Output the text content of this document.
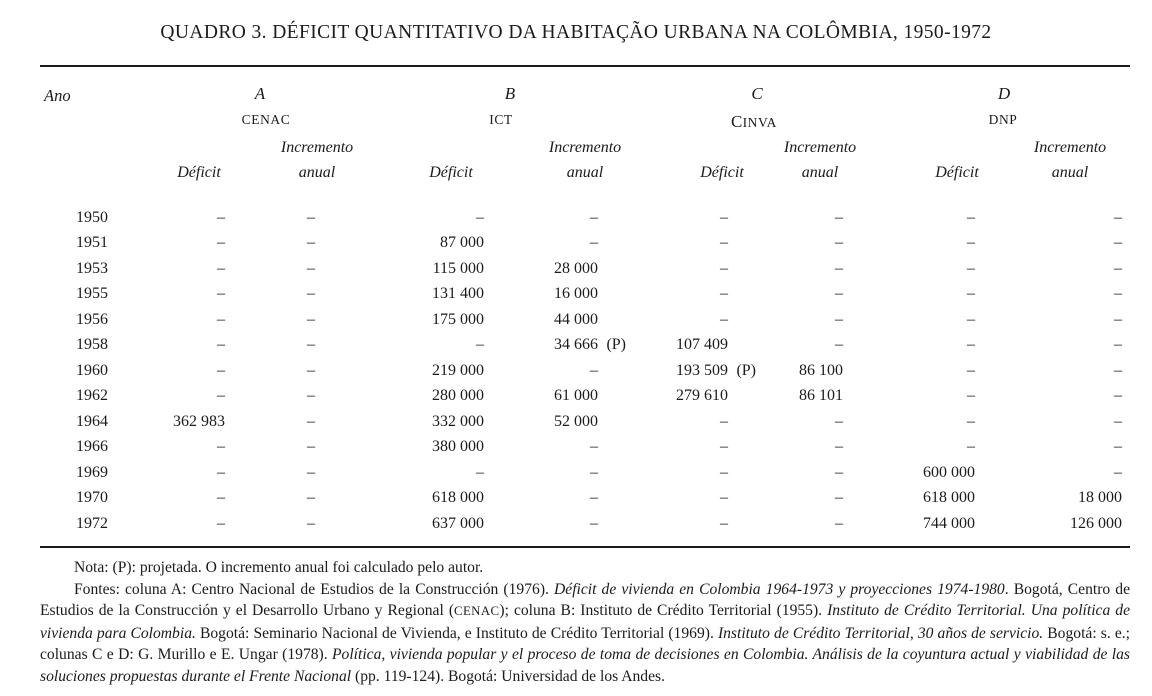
QUADRO 3. DÉFICIT QUANTITATIVO DA HABITAÇÃO URBANA NA COLÔMBIA, 1950-1972
Ano	A	B	C	D
CENAC	ICT	CINVA	DNP
Incremento	Incremento	Incremento	Incremento
Déficit	anual	Déficit	anual	Déficit	anual	Déficit	anual
1950	–	–	–	–	–	–	–	–
1951	–	–	87 000	–	–	–	–	–
1953	–	–	115 000	28 000	–	–	–	–
1955	–	–	131 400	16 000	–	–	–	–
1956	–	–	175 000	44 000	–	–	–	–
1958	–	–	–	34 666 (P)	107 409	–	–	–
1960	–	–	219 000	–	193 509 (P)	86 100	–	–
1962	–	–	280 000	61 000	279 610	86 101	–	–
1964	362 983	–	332 000	52 000	–	–	–	–
1966	–	–	380 000	–	–	–	–	–
1969	–	–	–	–	–	–	600 000	–
1970	–	–	618 000	–	–	–	618 000	18 000
1972	–	–	637 000	–	–	–	744 000	126 000

Nota: (P): projetada. O incremento anual foi calculado pelo autor.

Fontes: coluna A: Centro Nacional de Estudios de la Construcción (1976). Déficit de vivienda en Colombia 1964-1973 y proyecciones 1974-1980. Bogotá, Centro de Estudios de la Construcción y el Desarrollo Urbano y Regional (CENAC); coluna B: Instituto de Crédito Territorial (1955). Instituto de Crédito Territorial. Una política de vivienda para Colombia. Bogotá: Seminario Nacional de Vivienda, e Instituto de Crédito Territorial (1969). Instituto de Crédito Territorial, 30 años de servicio. Bogotá: s. e.; colunas C e D: G. Murillo e E. Ungar (1978). Política, vivienda popular y el proceso de toma de decisiones en Colombia. Análisis de la coyuntura actual y viabilidad de las soluciones propuestas durante el Frente Nacional (pp. 119-124). Bogotá: Universidad de los Andes.
